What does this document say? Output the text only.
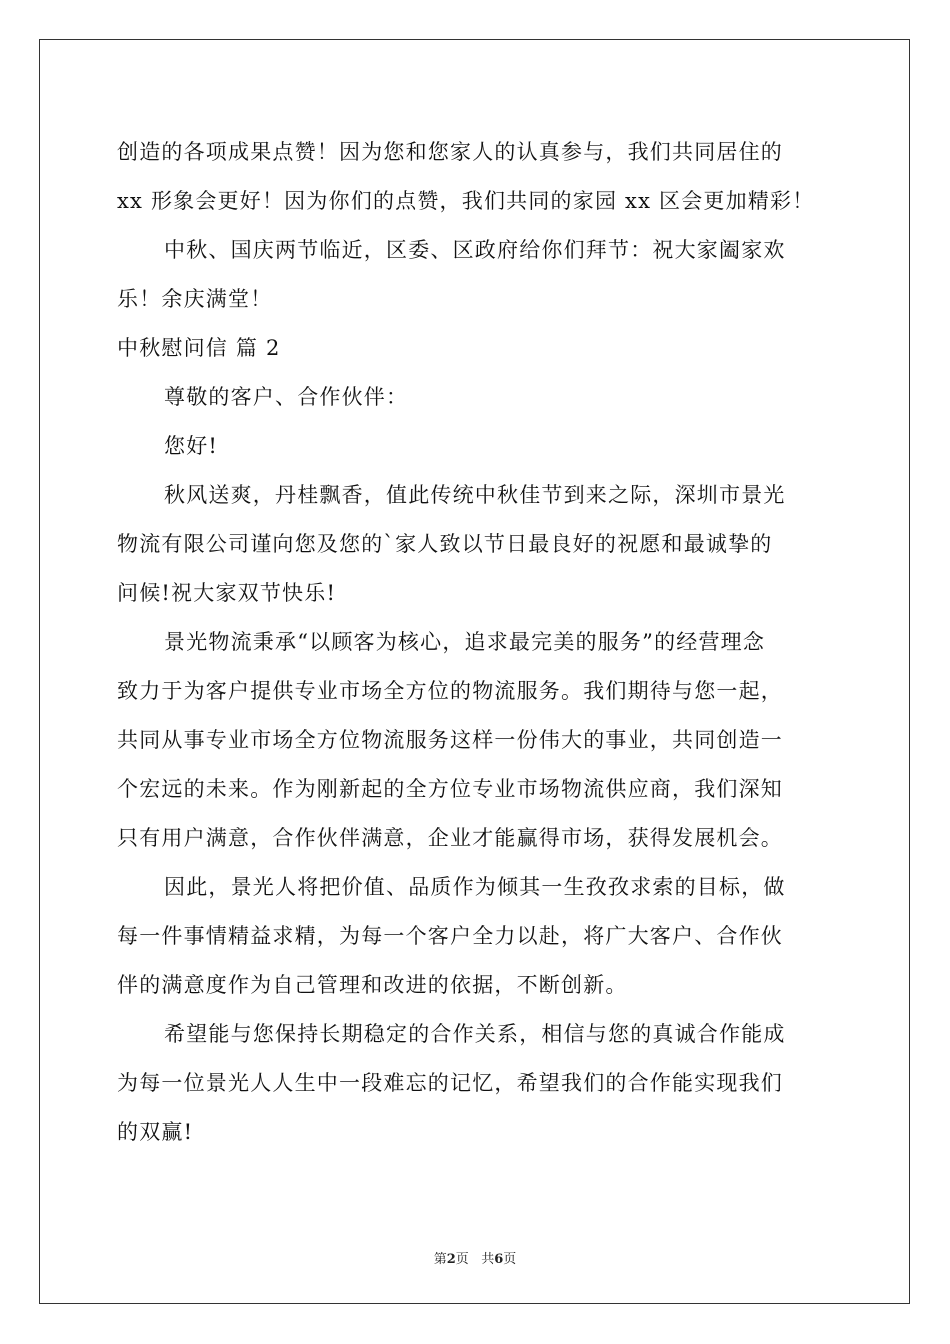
创造的各项成果点赞！因为您和您家人的认真参与，我们共同居住的
xx 形象会更好！因为你们的点赞，我们共同的家园 xx 区会更加精彩！
中秋、国庆两节临近，区委、区政府给你们拜节：祝大家阖家欢
乐！余庆满堂！
中秋慰问信 篇 2
尊敬的客户、合作伙伴：
您好!
秋风送爽，丹桂飘香，值此传统中秋佳节到来之际，深圳市景光
物流有限公司谨向您及您的`家人致以节日最良好的祝愿和最诚挚的
问候!祝大家双节快乐!
景光物流秉承“以顾客为核心，追求最完美的服务”的经营理念
致力于为客户提供专业市场全方位的物流服务。我们期待与您一起，
共同从事专业市场全方位物流服务这样一份伟大的事业，共同创造一
个宏远的未来。作为刚新起的全方位专业市场物流供应商，我们深知
只有用户满意，合作伙伴满意，企业才能赢得市场，获得发展机会。
因此，景光人将把价值、品质作为倾其一生孜孜求索的目标，做
每一件事情精益求精，为每一个客户全力以赴，将广大客户、合作伙
伴的满意度作为自己管理和改进的依据，不断创新。
希望能与您保持长期稳定的合作关系，相信与您的真诚合作能成
为每一位景光人人生中一段难忘的记忆，希望我们的合作能实现我们
的双赢!
第2页 共6页
